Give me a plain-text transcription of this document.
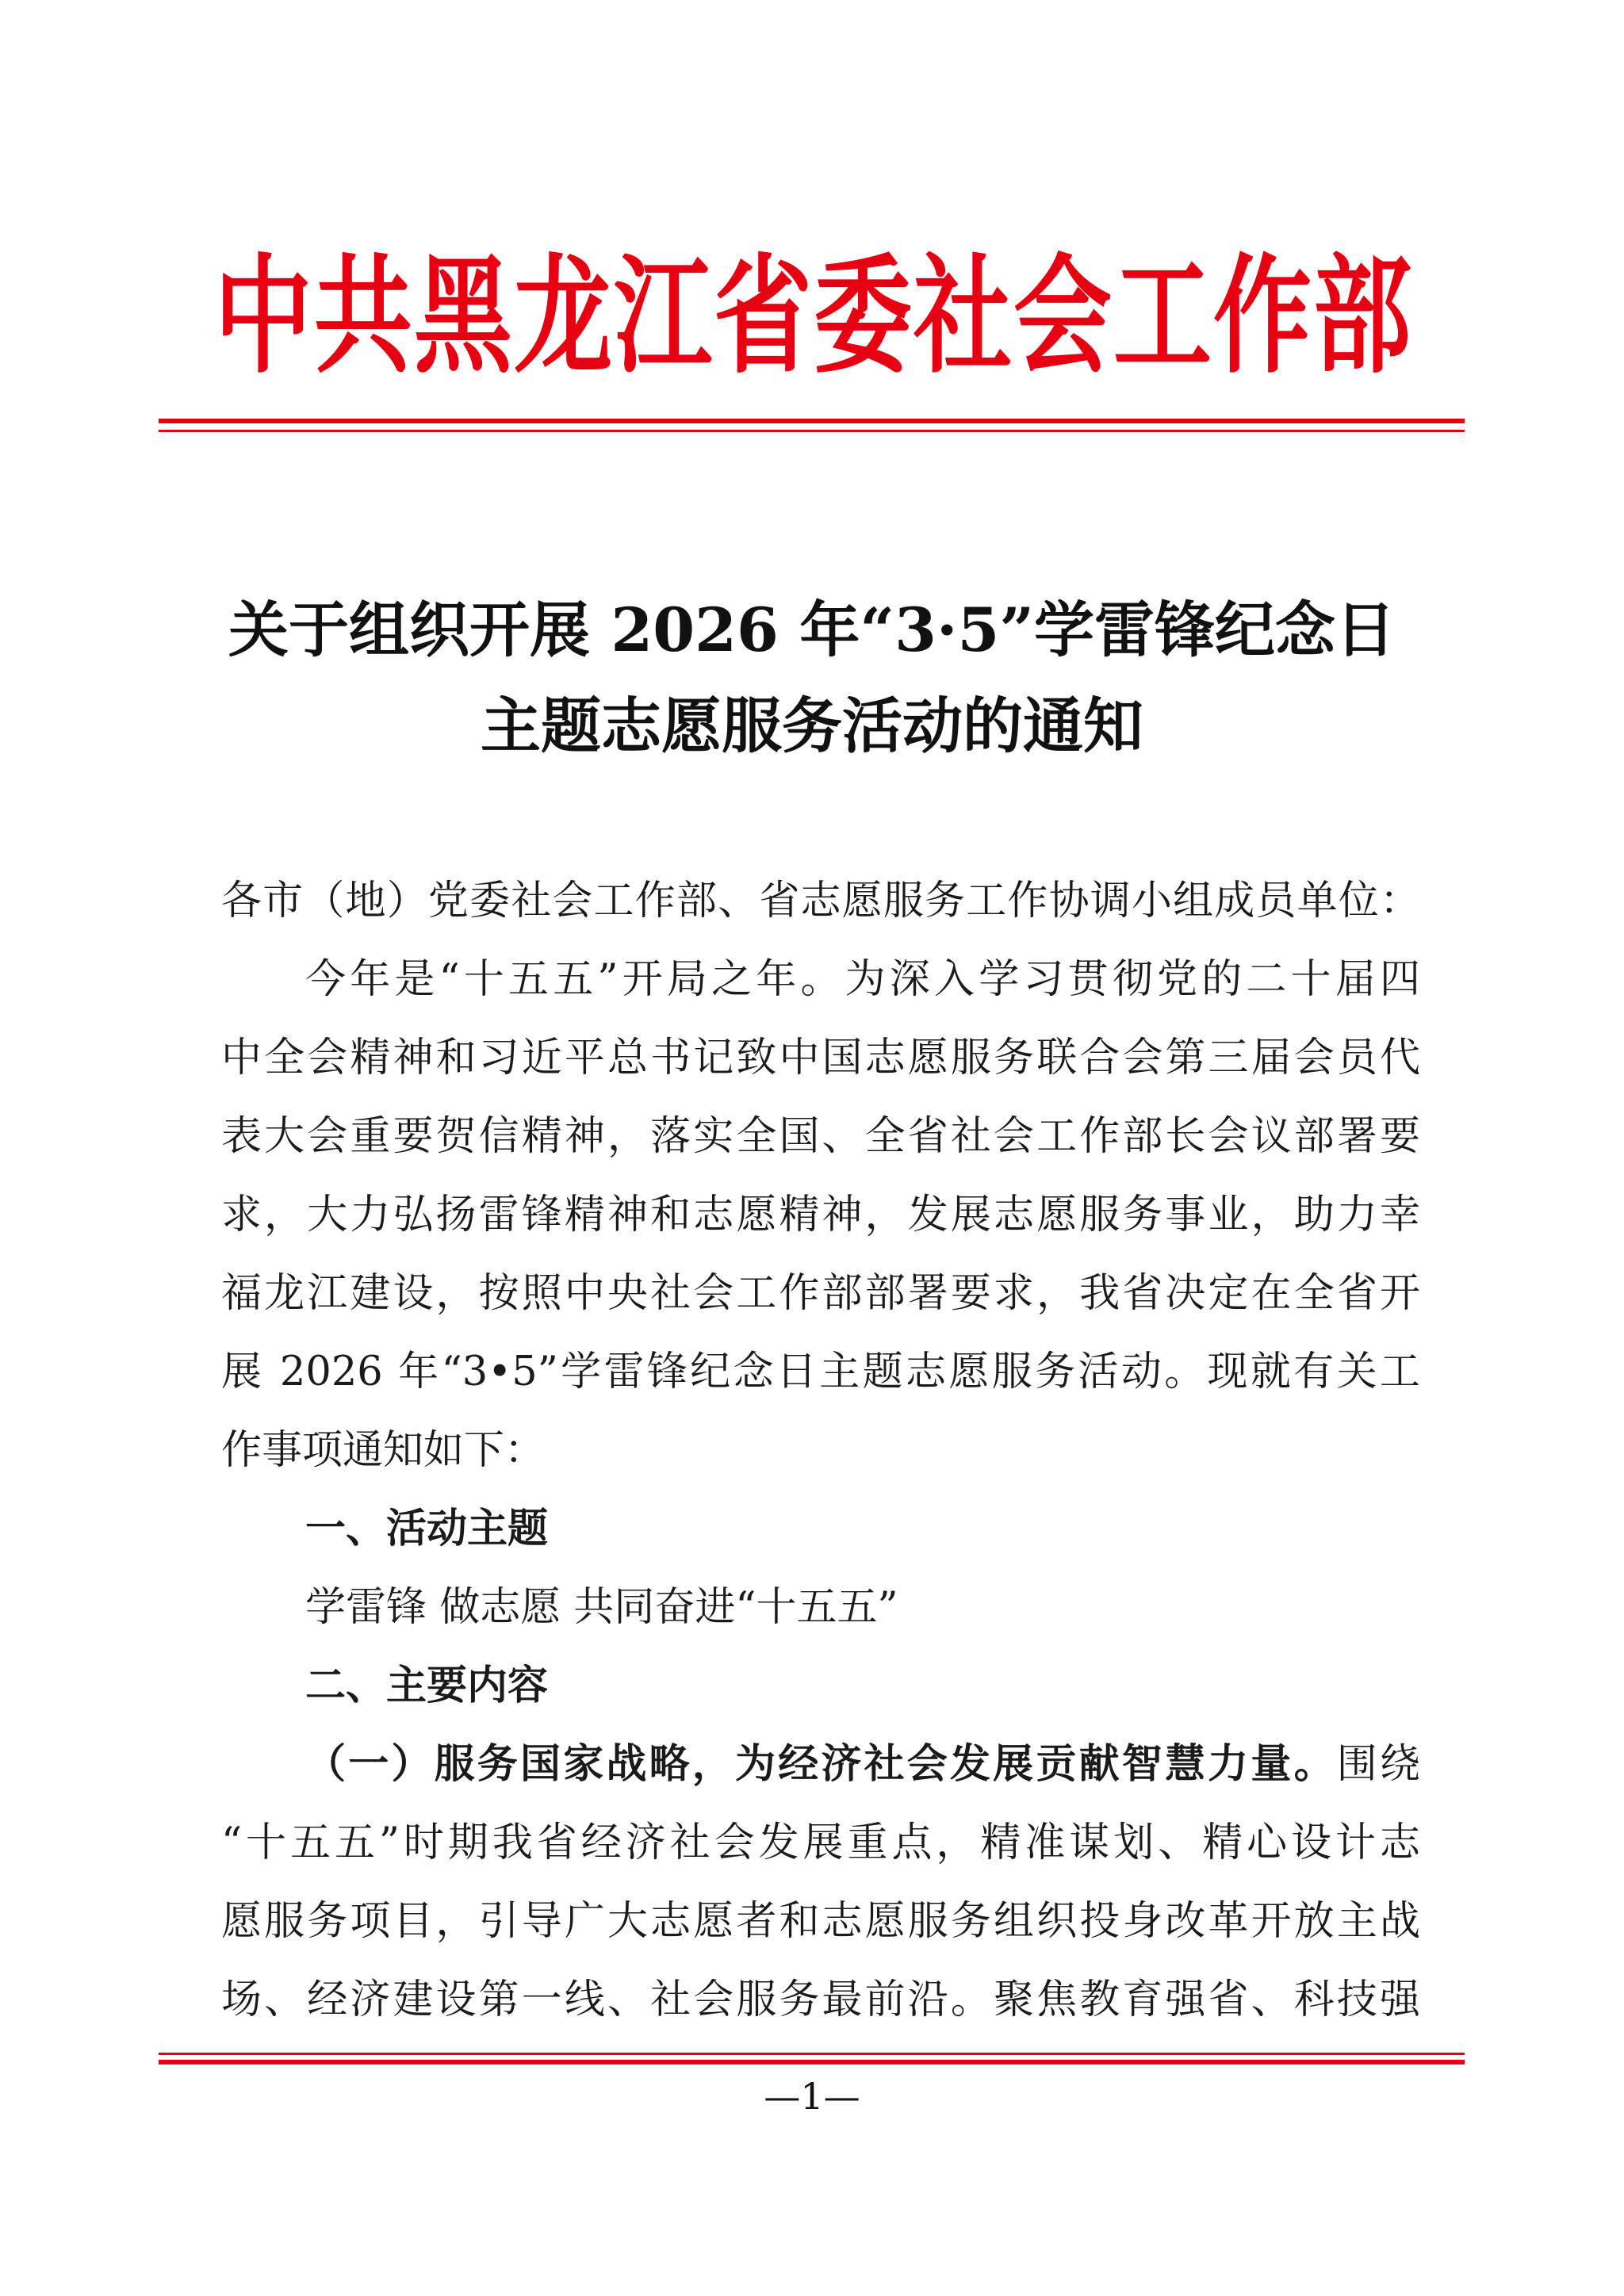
中共黑龙江省委社会工作部
关于组织开展 2026 年“3·5”学雷锋纪念日
主题志愿服务活动的通知
各市（地）党委社会工作部、省志愿服务工作协调小组成员单位：
今年是“十五五”开局之年。为深入学习贯彻党的二十届四
中全会精神和习近平总书记致中国志愿服务联合会第三届会员代
表大会重要贺信精神，落实全国、全省社会工作部长会议部署要
求，大力弘扬雷锋精神和志愿精神，发展志愿服务事业，助力幸
福龙江建设，按照中央社会工作部部署要求，我省决定在全省开
展 2026 年“3•5”学雷锋纪念日主题志愿服务活动。现就有关工
作事项通知如下：
一、活动主题
学雷锋 做志愿 共同奋进“十五五”
二、主要内容
（一）服务国家战略，为经济社会发展贡献智慧力量。围绕
“十五五”时期我省经济社会发展重点，精准谋划、精心设计志
愿服务项目，引导广大志愿者和志愿服务组织投身改革开放主战
场、经济建设第一线、社会服务最前沿。聚焦教育强省、科技强
—1—
